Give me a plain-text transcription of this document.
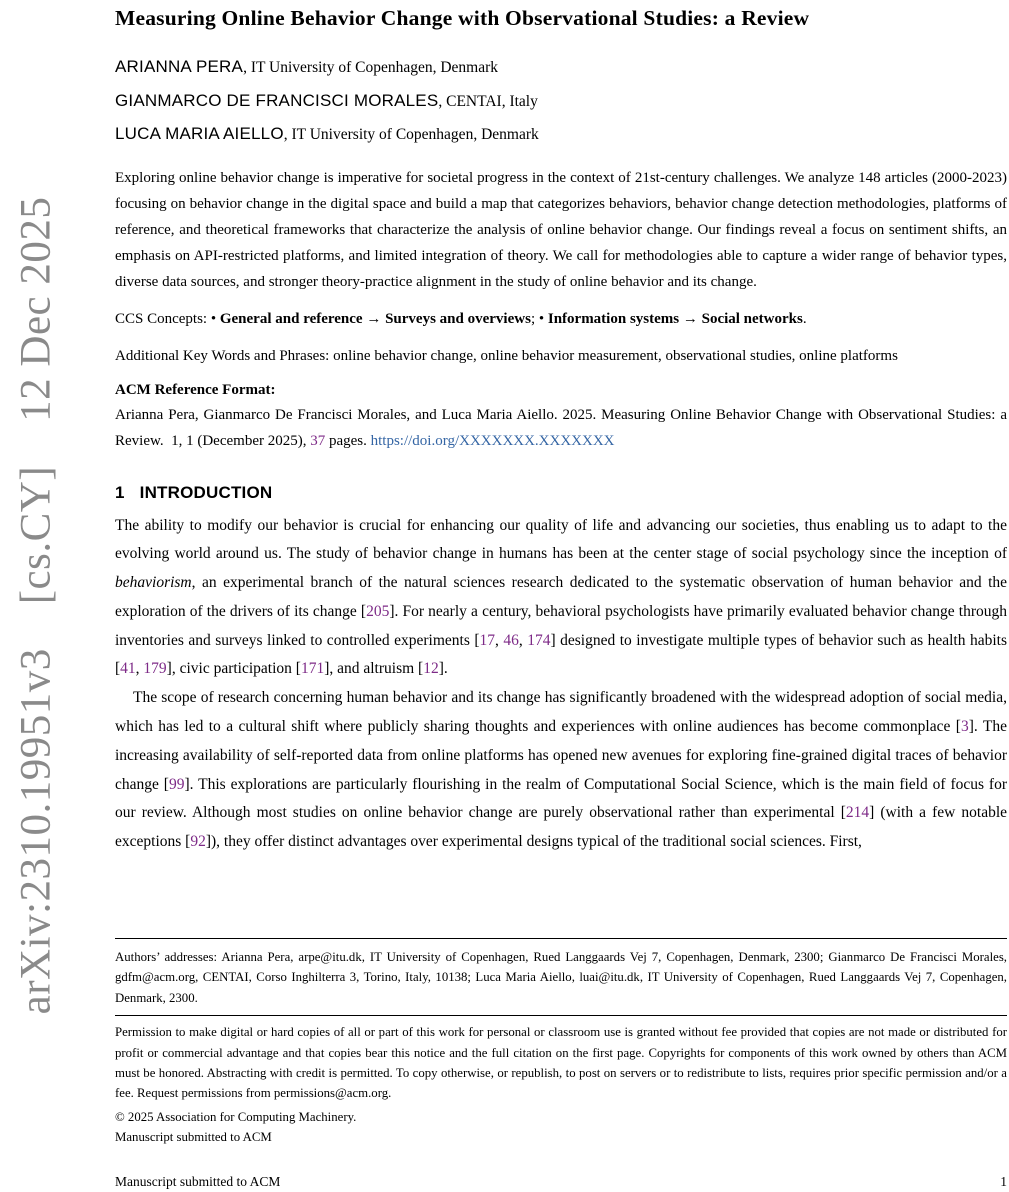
arXiv:2310.19951v3  [cs.CY]  12 Dec 2025

Measuring Online Behavior Change with Observational Studies: a Review
ARIANNA PERA, IT University of Copenhagen, Denmark
GIANMARCO DE FRANCISCI MORALES, CENTAI, Italy
LUCA MARIA AIELLO, IT University of Copenhagen, Denmark

Exploring online behavior change is imperative for societal progress in the context of 21st-century challenges. We analyze 148 articles (2000-2023) focusing on behavior change in the digital space and build a map that categorizes behaviors, behavior change detection methodologies, platforms of reference, and theoretical frameworks that characterize the analysis of online behavior change. Our findings reveal a focus on sentiment shifts, an emphasis on API-restricted platforms, and limited integration of theory. We call for methodologies able to capture a wider range of behavior types, diverse data sources, and stronger theory-practice alignment in the study of online behavior and its change.

CCS Concepts: • General and reference → Surveys and overviews; • Information systems → Social networks.

Additional Key Words and Phrases: online behavior change, online behavior measurement, observational studies, online platforms

ACM Reference Format:

Arianna Pera, Gianmarco De Francisci Morales, and Luca Maria Aiello. 2025. Measuring Online Behavior Change with Observational Studies: a Review.  1, 1 (December 2025), 37 pages. https://doi.org/XXXXXXX.XXXXXXX

1 INTRODUCTION

The ability to modify our behavior is crucial for enhancing our quality of life and advancing our societies, thus enabling us to adapt to the evolving world around us. The study of behavior change in humans has been at the center stage of social psychology since the inception of behaviorism, an experimental branch of the natural sciences research dedicated to the systematic observation of human behavior and the exploration of the drivers of its change [205]. For nearly a century, behavioral psychologists have primarily evaluated behavior change through inventories and surveys linked to controlled experiments [17, 46, 174] designed to investigate multiple types of behavior such as health habits [41, 179], civic participation [171], and altruism [12].

The scope of research concerning human behavior and its change has significantly broadened with the widespread adoption of social media, which has led to a cultural shift where publicly sharing thoughts and experiences with online audiences has become commonplace [3]. The increasing availability of self-reported data from online platforms has opened new avenues for exploring fine-grained digital traces of behavior change [99]. This explorations are particularly flourishing in the realm of Computational Social Science, which is the main field of focus for our review. Although most studies on online behavior change are purely observational rather than experimental [214] (with a few notable exceptions [92]), they offer distinct advantages over experimental designs typical of the traditional social sciences. First,

Authors’ addresses: Arianna Pera, arpe@itu.dk, IT University of Copenhagen, Rued Langgaards Vej 7, Copenhagen, Denmark, 2300; Gianmarco De Francisci Morales, gdfm@acm.org, CENTAI, Corso Inghilterra 3, Torino, Italy, 10138; Luca Maria Aiello, luai@itu.dk, IT University of Copenhagen, Rued Langgaards Vej 7, Copenhagen, Denmark, 2300.

Permission to make digital or hard copies of all or part of this work for personal or classroom use is granted without fee provided that copies are not made or distributed for profit or commercial advantage and that copies bear this notice and the full citation on the first page. Copyrights for components of this work owned by others than ACM must be honored. Abstracting with credit is permitted. To copy otherwise, or republish, to post on servers or to redistribute to lists, requires prior specific permission and/or a fee. Request permissions from permissions@acm.org.

© 2025 Association for Computing Machinery.

Manuscript submitted to ACM

Manuscript submitted to ACM	1
